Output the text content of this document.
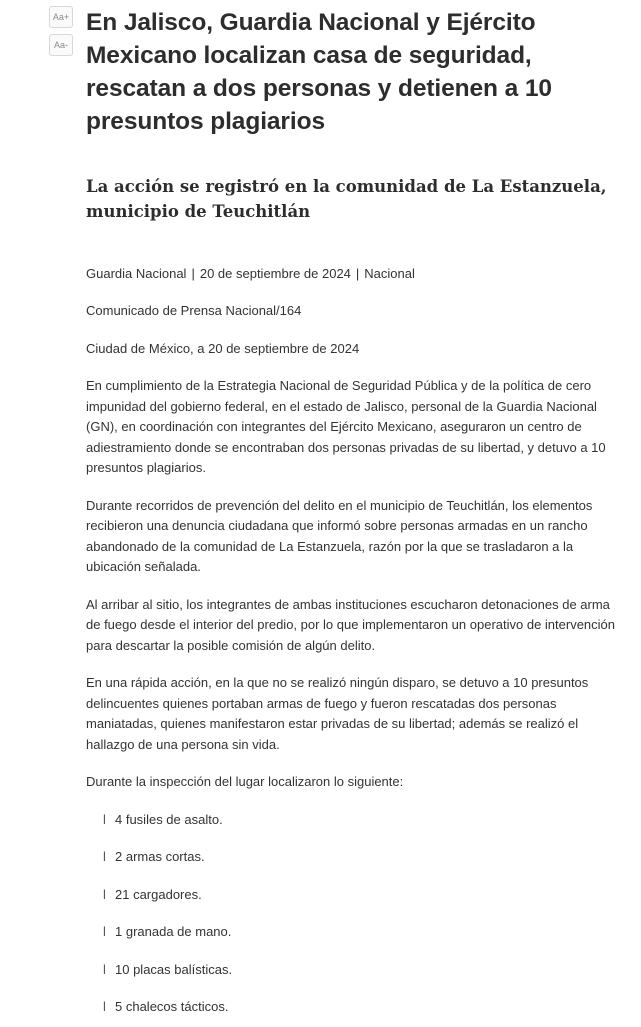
Aa+
Aa-
En Jalisco, Guardia Nacional y Ejército Mexicano localizan casa de seguridad, rescatan a dos personas y detienen a 10 presuntos plagiarios
La acción se registró en la comunidad de La Estanzuela, municipio de Teuchitlán

Guardia Nacional | 20 de septiembre de 2024 | Nacional

Comunicado de Prensa Nacional/164

Ciudad de México, a 20 de septiembre de 2024

En cumplimiento de la Estrategia Nacional de Seguridad Pública y de la política de cero impunidad del gobierno federal, en el estado de Jalisco, personal de la Guardia Nacional (GN), en coordinación con integrantes del Ejército Mexicano, aseguraron un centro de adiestramiento donde se encontraban dos personas privadas de su libertad, y detuvo a 10 presuntos plagiarios.

Durante recorridos de prevención del delito en el municipio de Teuchitlán, los elementos recibieron una denuncia ciudadana que informó sobre personas armadas en un rancho abandonado de la comunidad de La Estanzuela, razón por la que se trasladaron a la ubicación señalada.

Al arribar al sitio, los integrantes de ambas instituciones escucharon detonaciones de arma de fuego desde el interior del predio, por lo que implementaron un operativo de intervención para descartar la posible comisión de algún delito.

En una rápida acción, en la que no se realizó ningún disparo, se detuvo a 10 presuntos delincuentes quienes portaban armas de fuego y fueron rescatadas dos personas maniatadas, quienes manifestaron estar privadas de su libertad; además se realizó el hallazgo de una persona sin vida.

Durante la inspección del lugar localizaron lo siguiente:

l 4 fusiles de asalto.
l 2 armas cortas.
l 21 cargadores.
l 1 granada de mano.
l 10 placas balísticas.
l 5 chalecos tácticos.
